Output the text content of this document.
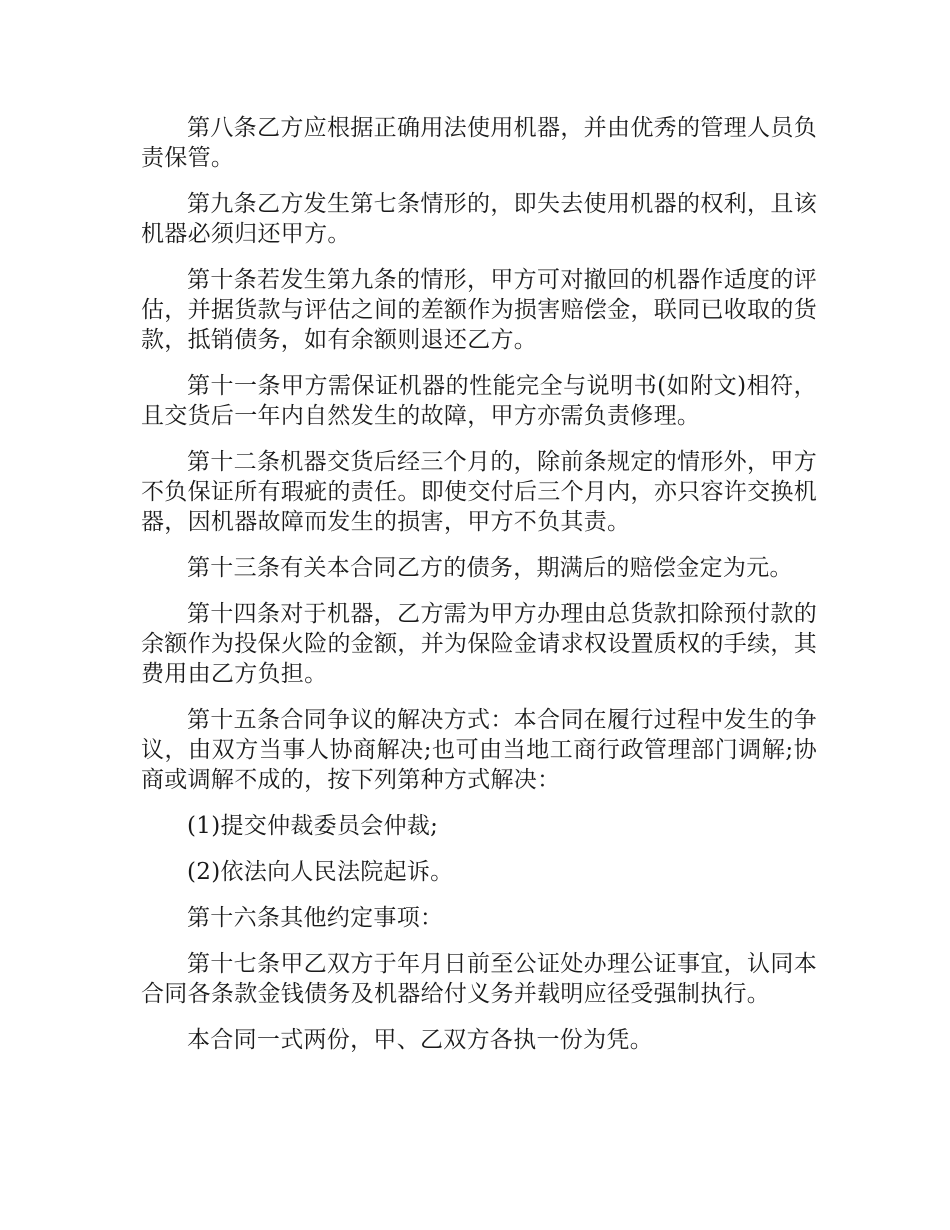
第八条乙方应根据正确用法使用机器，并由优秀的管理人员负责保管。

第九条乙方发生第七条情形的，即失去使用机器的权利，且该机器必须归还甲方。

第十条若发生第九条的情形，甲方可对撤回的机器作适度的评估，并据货款与评估之间的差额作为损害赔偿金，联同已收取的货款，抵销债务，如有余额则退还乙方。

第十一条甲方需保证机器的性能完全与说明书(如附文)相符，且交货后一年内自然发生的故障，甲方亦需负责修理。

第十二条机器交货后经三个月的，除前条规定的情形外，甲方不负保证所有瑕疵的责任。即使交付后三个月内，亦只容许交换机器，因机器故障而发生的损害，甲方不负其责。

第十三条有关本合同乙方的债务，期满后的赔偿金定为元。

第十四条对于机器，乙方需为甲方办理由总货款扣除预付款的余额作为投保火险的金额，并为保险金请求权设置质权的手续，其费用由乙方负担。

第十五条合同争议的解决方式：本合同在履行过程中发生的争议，由双方当事人协商解决;也可由当地工商行政管理部门调解;协商或调解不成的，按下列第种方式解决：

(1)提交仲裁委员会仲裁;

(2)依法向人民法院起诉。

第十六条其他约定事项：

第十七条甲乙双方于年月日前至公证处办理公证事宜，认同本合同各条款金钱债务及机器给付义务并载明应径受强制执行。

本合同一式两份，甲、乙双方各执一份为凭。
